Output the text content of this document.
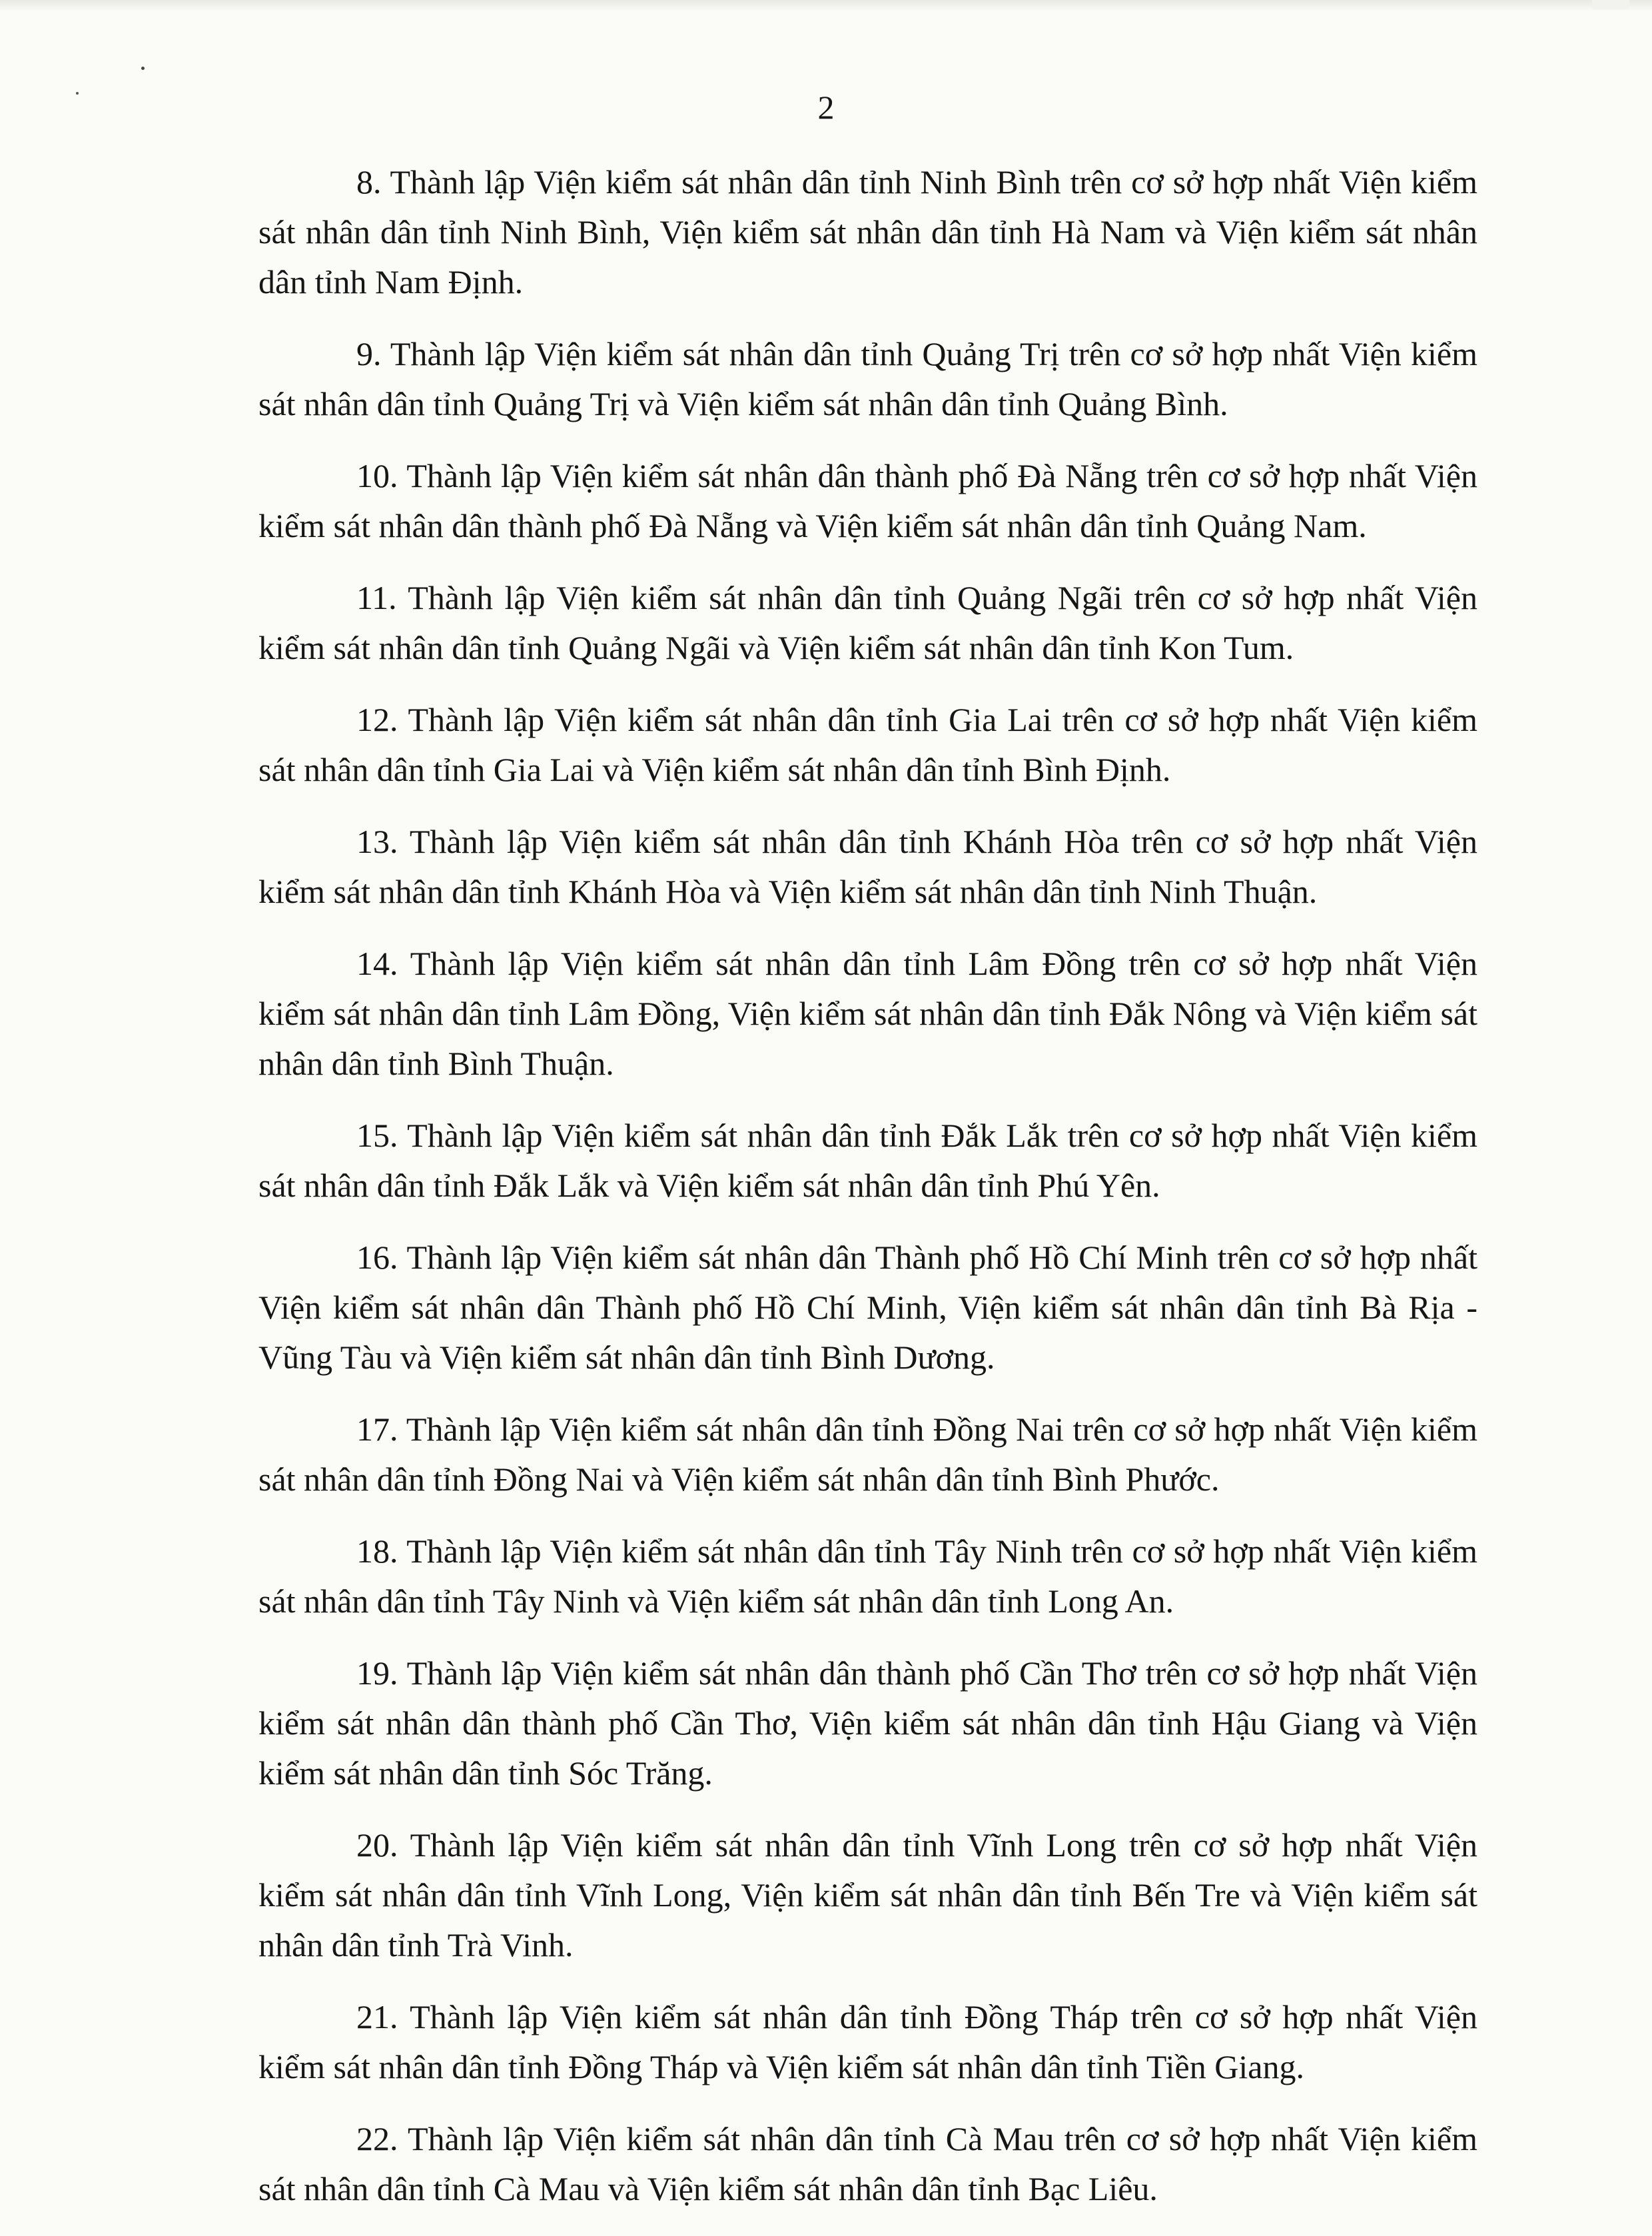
2

8. Thành lập Viện kiểm sát nhân dân tỉnh Ninh Bình trên cơ sở hợp nhất Viện kiểm sát nhân dân tỉnh Ninh Bình, Viện kiểm sát nhân dân tỉnh Hà Nam và Viện kiểm sát nhân dân tỉnh Nam Định.

9. Thành lập Viện kiểm sát nhân dân tỉnh Quảng Trị trên cơ sở hợp nhất Viện kiểm sát nhân dân tỉnh Quảng Trị và Viện kiểm sát nhân dân tỉnh Quảng Bình.

10. Thành lập Viện kiểm sát nhân dân thành phố Đà Nẵng trên cơ sở hợp nhất Viện kiểm sát nhân dân thành phố Đà Nẵng và Viện kiểm sát nhân dân tỉnh Quảng Nam.

11. Thành lập Viện kiểm sát nhân dân tỉnh Quảng Ngãi trên cơ sở hợp nhất Viện kiểm sát nhân dân tỉnh Quảng Ngãi và Viện kiểm sát nhân dân tỉnh Kon Tum.

12. Thành lập Viện kiểm sát nhân dân tỉnh Gia Lai trên cơ sở hợp nhất Viện kiểm sát nhân dân tỉnh Gia Lai và Viện kiểm sát nhân dân tỉnh Bình Định.

13. Thành lập Viện kiểm sát nhân dân tỉnh Khánh Hòa trên cơ sở hợp nhất Viện kiểm sát nhân dân tỉnh Khánh Hòa và Viện kiểm sát nhân dân tỉnh Ninh Thuận.

14. Thành lập Viện kiểm sát nhân dân tỉnh Lâm Đồng trên cơ sở hợp nhất Viện kiểm sát nhân dân tỉnh Lâm Đồng, Viện kiểm sát nhân dân tỉnh Đắk Nông và Viện kiểm sát nhân dân tỉnh Bình Thuận.

15. Thành lập Viện kiểm sát nhân dân tỉnh Đắk Lắk trên cơ sở hợp nhất Viện kiểm sát nhân dân tỉnh Đắk Lắk và Viện kiểm sát nhân dân tỉnh Phú Yên.

16. Thành lập Viện kiểm sát nhân dân Thành phố Hồ Chí Minh trên cơ sở hợp nhất Viện kiểm sát nhân dân Thành phố Hồ Chí Minh, Viện kiểm sát nhân dân tỉnh Bà Rịa - Vũng Tàu và Viện kiểm sát nhân dân tỉnh Bình Dương.

17. Thành lập Viện kiểm sát nhân dân tỉnh Đồng Nai trên cơ sở hợp nhất Viện kiểm sát nhân dân tỉnh Đồng Nai và Viện kiểm sát nhân dân tỉnh Bình Phước.

18. Thành lập Viện kiểm sát nhân dân tỉnh Tây Ninh trên cơ sở hợp nhất Viện kiểm sát nhân dân tỉnh Tây Ninh và Viện kiểm sát nhân dân tỉnh Long An.

19. Thành lập Viện kiểm sát nhân dân thành phố Cần Thơ trên cơ sở hợp nhất Viện kiểm sát nhân dân thành phố Cần Thơ, Viện kiểm sát nhân dân tỉnh Hậu Giang và Viện kiểm sát nhân dân tỉnh Sóc Trăng.

20. Thành lập Viện kiểm sát nhân dân tỉnh Vĩnh Long trên cơ sở hợp nhất Viện kiểm sát nhân dân tỉnh Vĩnh Long, Viện kiểm sát nhân dân tỉnh Bến Tre và Viện kiểm sát nhân dân tỉnh Trà Vinh.

21. Thành lập Viện kiểm sát nhân dân tỉnh Đồng Tháp trên cơ sở hợp nhất Viện kiểm sát nhân dân tỉnh Đồng Tháp và Viện kiểm sát nhân dân tỉnh Tiền Giang.

22. Thành lập Viện kiểm sát nhân dân tỉnh Cà Mau trên cơ sở hợp nhất Viện kiểm sát nhân dân tỉnh Cà Mau và Viện kiểm sát nhân dân tỉnh Bạc Liêu.
